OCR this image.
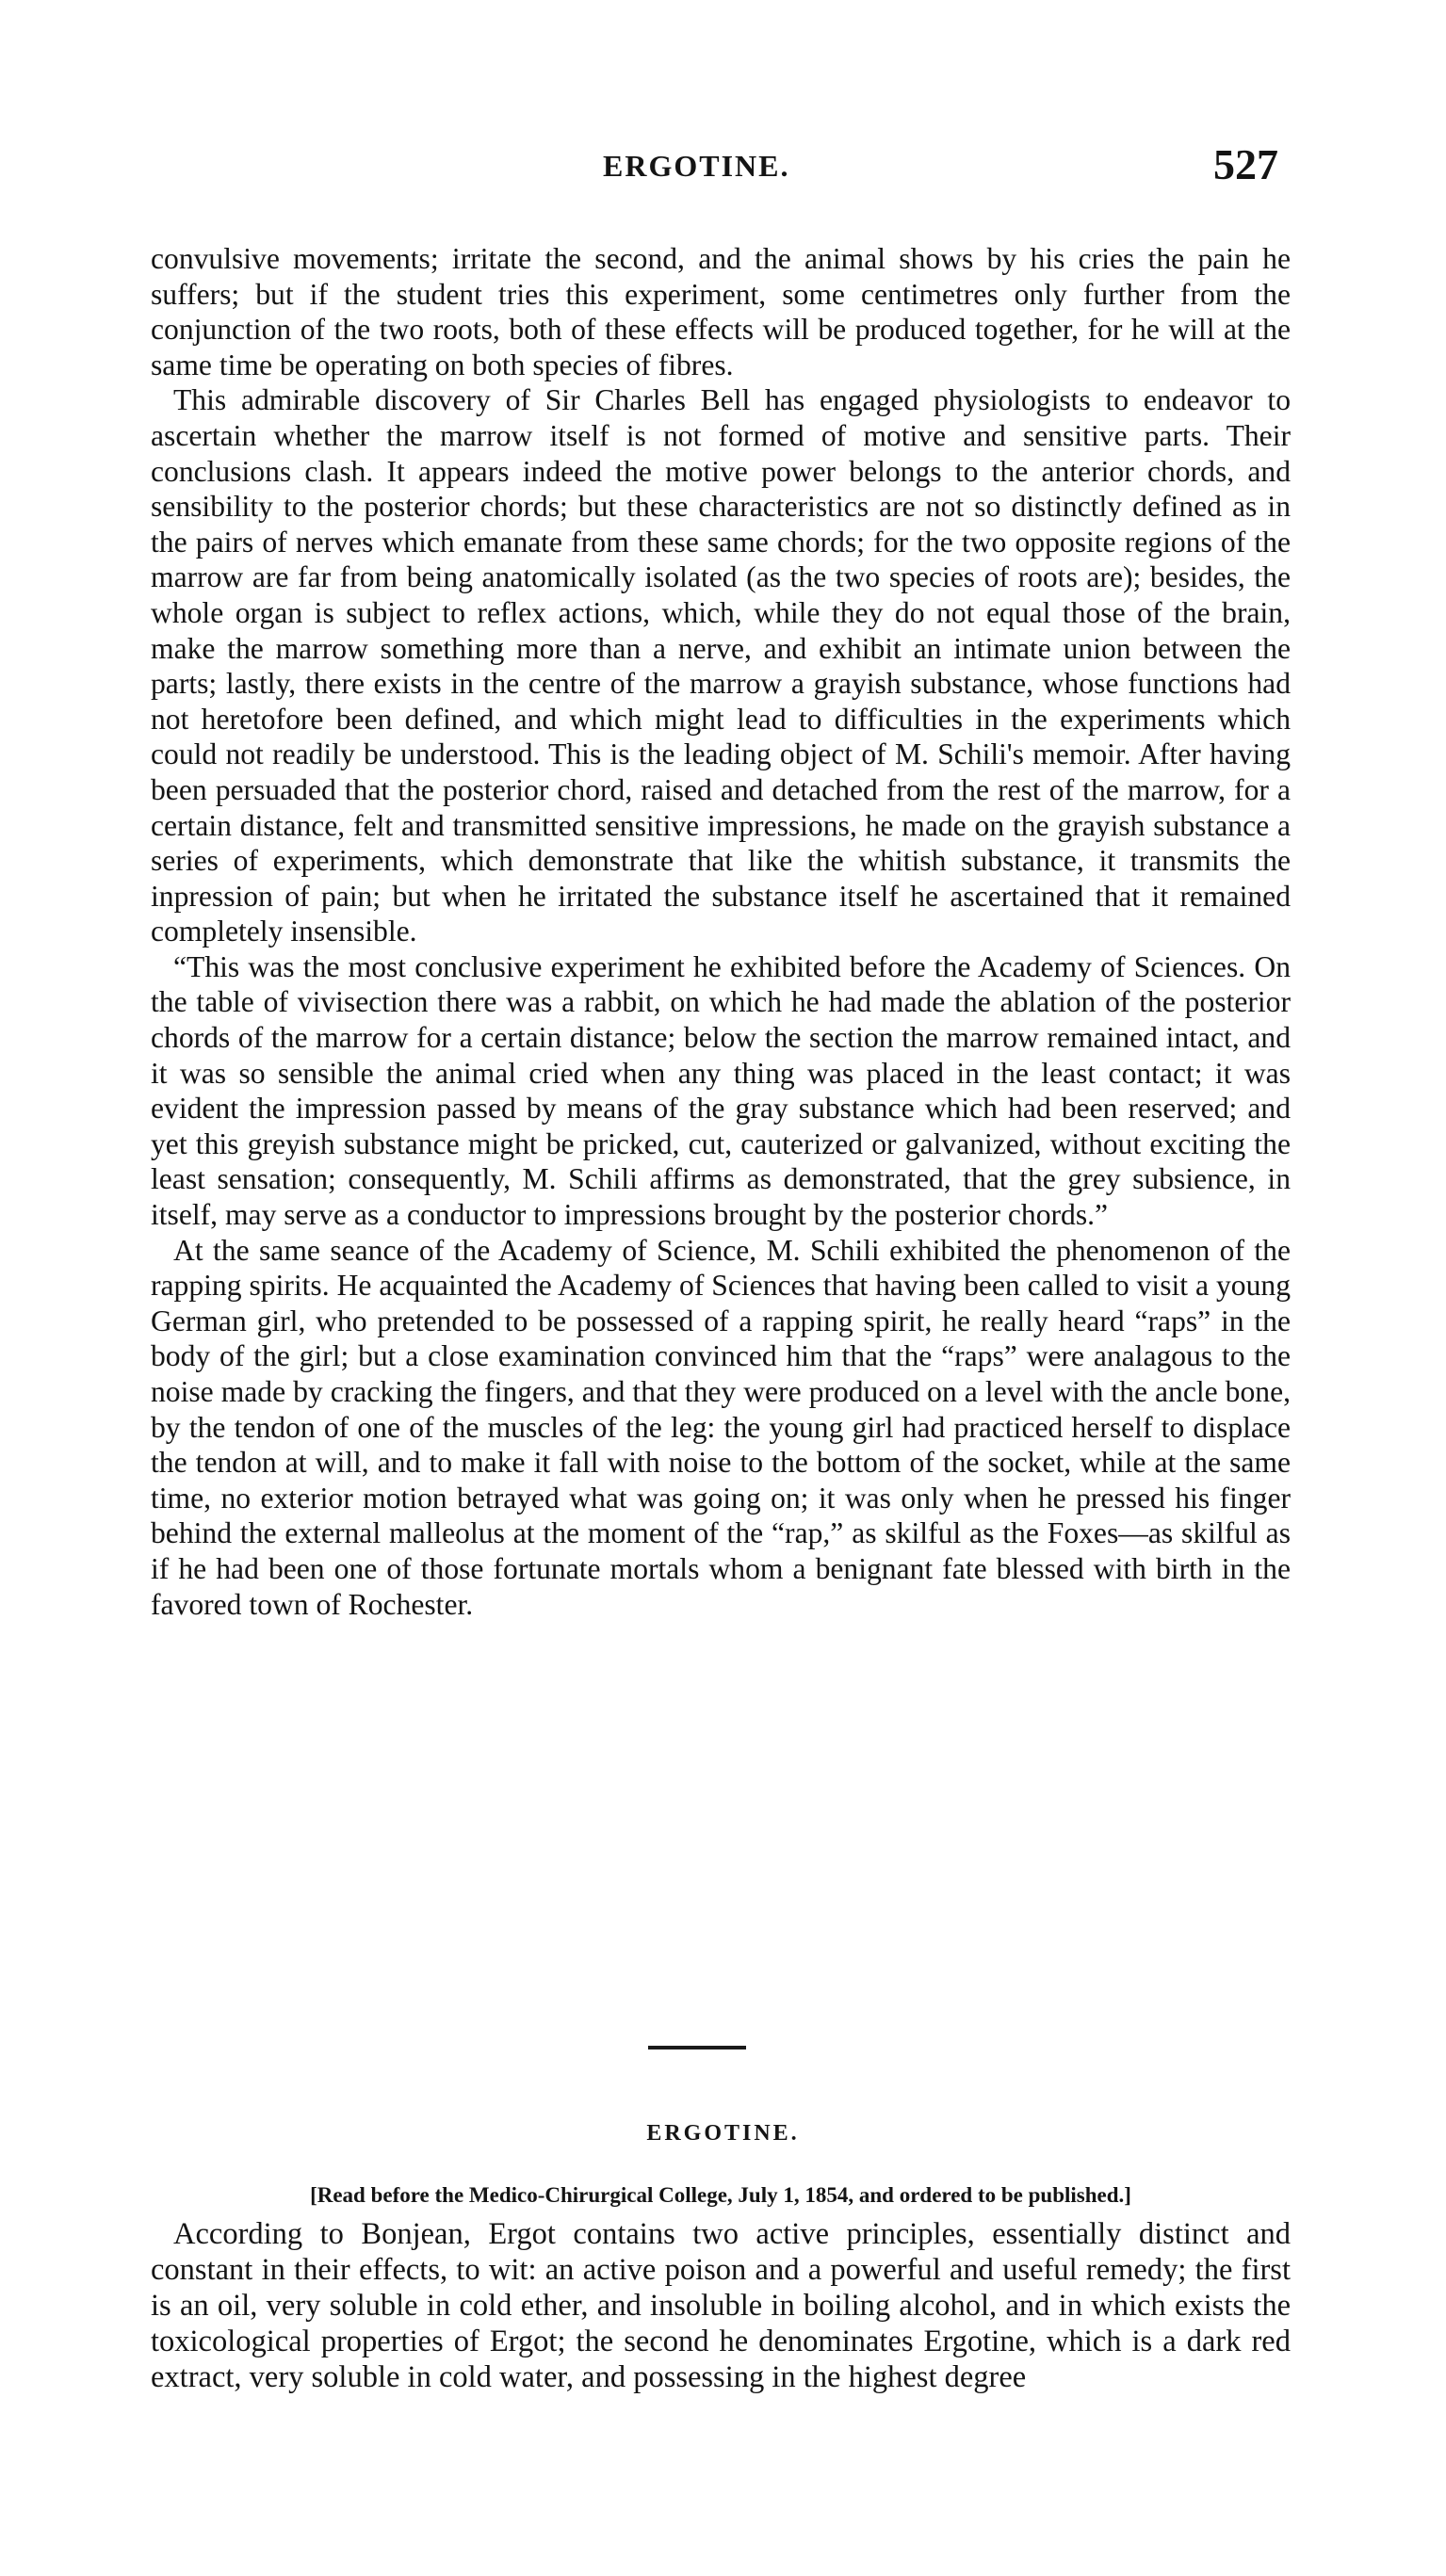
ERGOTINE.	527

convulsive movements; irritate the second, and the animal shows by his cries the pain he suffers; but if the student tries this experiment, some centimetres only further from the conjunction of the two roots, both of these effects will be produced together, for he will at the same time be operating on both species of fibres.

This admirable discovery of Sir Charles Bell has engaged physiologists to endeavor to ascertain whether the marrow itself is not formed of motive and sensitive parts. Their conclusions clash. It appears indeed the motive power belongs to the anterior chords, and sensibility to the posterior chords; but these characteristics are not so distinctly defined as in the pairs of nerves which emanate from these same chords; for the two opposite regions of the marrow are far from being anatomically isolated (as the two species of roots are); besides, the whole organ is subject to reflex actions, which, while they do not equal those of the brain, make the marrow something more than a nerve, and exhibit an intimate union between the parts; lastly, there exists in the centre of the marrow a grayish substance, whose functions had not heretofore been defined, and which might lead to difficulties in the experiments which could not readily be understood. This is the leading object of M. Schili's memoir. After having been persuaded that the posterior chord, raised and detached from the rest of the marrow, for a certain distance, felt and transmitted sensitive impressions, he made on the grayish substance a series of experiments, which demonstrate that like the whitish substance, it transmits the inpression of pain; but when he irritated the substance itself he ascertained that it remained completely insensible.

“This was the most conclusive experiment he exhibited before the Academy of Sciences. On the table of vivisection there was a rabbit, on which he had made the ablation of the posterior chords of the marrow for a certain distance; below the section the marrow remained intact, and it was so sensible the animal cried when any thing was placed in the least contact; it was evident the impression passed by means of the gray substance which had been reserved; and yet this greyish substance might be pricked, cut, cauterized or galvanized, without exciting the least sensation; consequently, M. Schili affirms as demonstrated, that the grey subsience, in itself, may serve as a conductor to impressions brought by the posterior chords.”

At the same seance of the Academy of Science, M. Schili exhibited the phenomenon of the rapping spirits. He acquainted the Academy of Sciences that having been called to visit a young German girl, who pretended to be possessed of a rapping spirit, he really heard “raps” in the body of the girl; but a close examination convinced him that the “raps” were analagous to the noise made by cracking the fingers, and that they were produced on a level with the ancle bone, by the tendon of one of the muscles of the leg: the young girl had practiced herself to displace the tendon at will, and to make it fall with noise to the bottom of the socket, while at the same time, no exterior motion betrayed what was going on; it was only when he pressed his finger behind the external malleolus at the moment of the “rap,” as skilful as the Foxes—as skilful as if he had been one of those fortunate mortals whom a benignant fate blessed with birth in the favored town of Rochester.

ERGOTINE.
[Read before the Medico-Chirurgical College, July 1, 1854, and ordered to be published.]

According to Bonjean, Ergot contains two active principles, essentially distinct and constant in their effects, to wit: an active poison and a powerful and useful remedy; the first is an oil, very soluble in cold ether, and insoluble in boiling alcohol, and in which exists the toxicological properties of Ergot; the second he denominates Ergotine, which is a dark red extract, very soluble in cold water, and possessing in the highest degree
